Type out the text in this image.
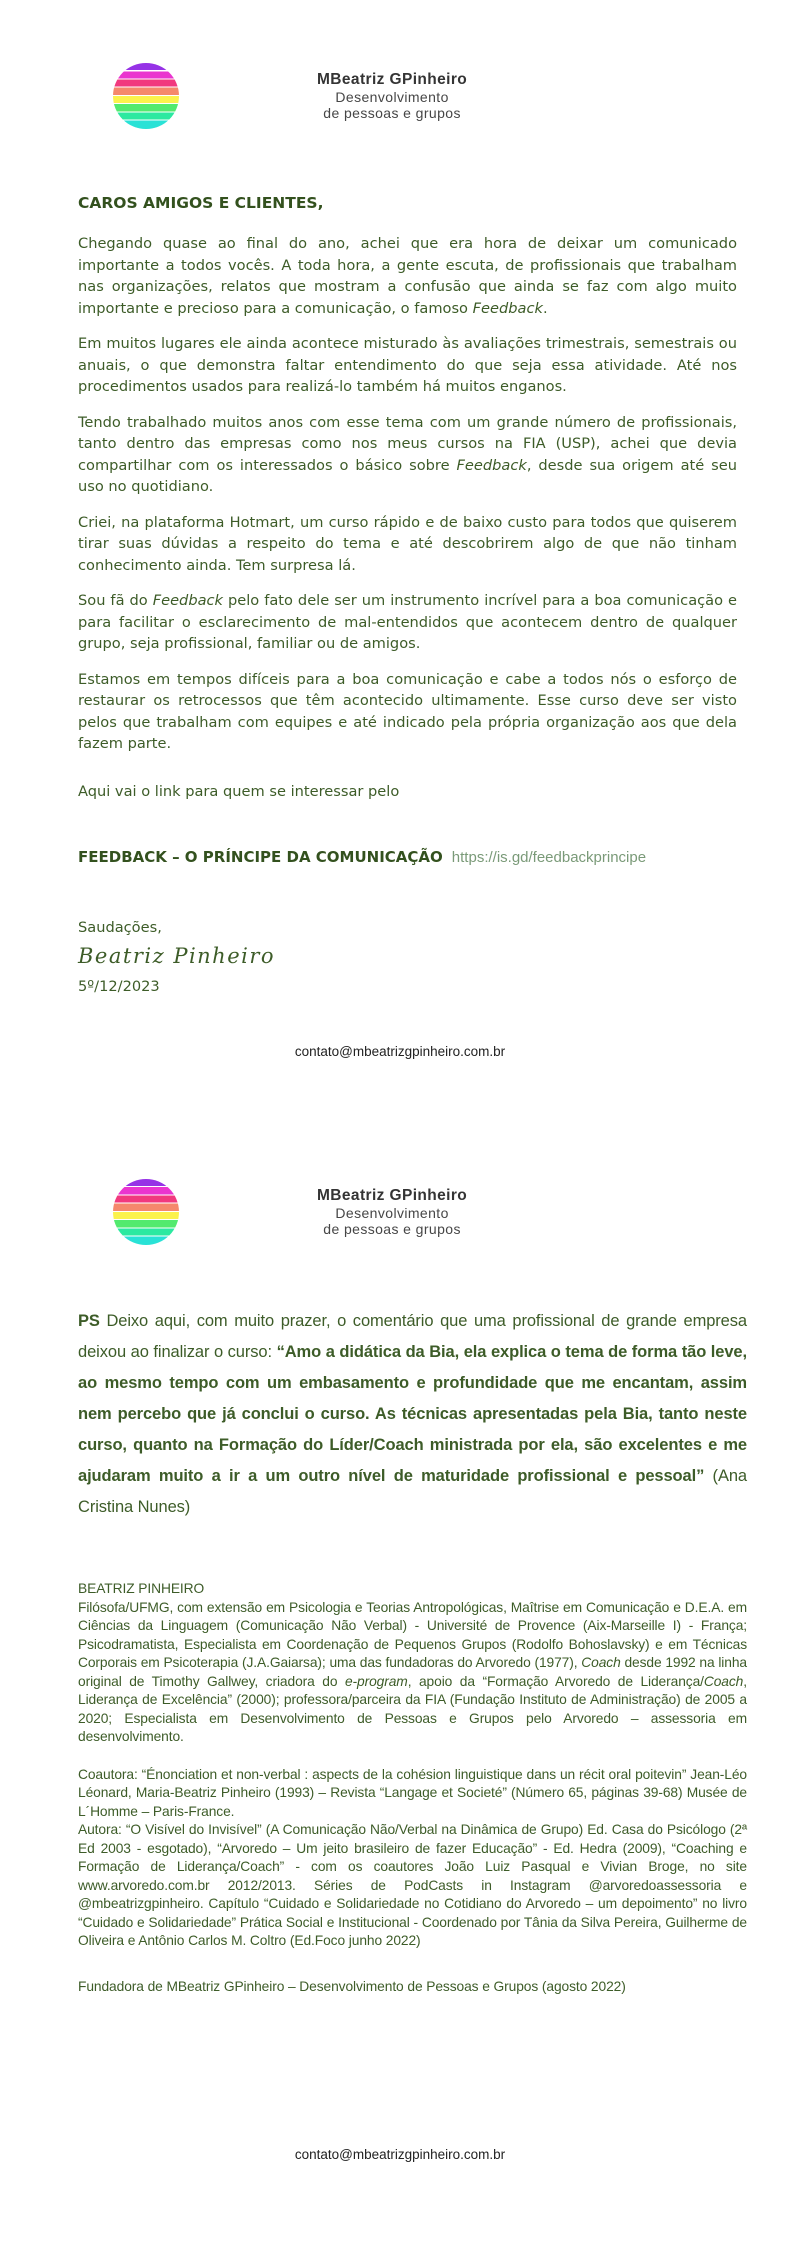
MBeatriz GPinheiro
Desenvolvimento
de pessoas e grupos
CAROS AMIGOS E CLIENTES,

Chegando quase ao final do ano, achei que era hora de deixar um comunicado importante a todos vocês. A toda hora, a gente escuta, de profissionais que trabalham nas organizações, relatos que mostram a confusão que ainda se faz com algo muito importante e precioso para a comunicação, o famoso Feedback.

Em muitos lugares ele ainda acontece misturado às avaliações trimestrais, semestrais ou anuais, o que demonstra faltar entendimento do que seja essa atividade. Até nos procedimentos usados para realizá-lo também há muitos enganos.

Tendo trabalhado muitos anos com esse tema com um grande número de profissionais, tanto dentro das empresas como nos meus cursos na FIA (USP), achei que devia compartilhar com os interessados o básico sobre Feedback, desde sua origem até seu uso no quotidiano.

Criei, na plataforma Hotmart, um curso rápido e de baixo custo para todos que quiserem tirar suas dúvidas a respeito do tema e até descobrirem algo de que não tinham conhecimento ainda. Tem surpresa lá.

Sou fã do Feedback pelo fato dele ser um instrumento incrível para a boa comunicação e para facilitar o esclarecimento de mal-entendidos que acontecem dentro de qualquer grupo, seja profissional, familiar ou de amigos.

Estamos em tempos difíceis para a boa comunicação e cabe a todos nós o esforço de restaurar os retrocessos que têm acontecido ultimamente. Esse curso deve ser visto pelos que trabalham com equipes e até indicado pela própria organização aos que dela fazem parte.

Aqui vai o link para quem se interessar pelo

FEEDBACK – O PRÍNCIPE DA COMUNICAÇÃO https://is.gd/feedbackprincipe

Saudações,

Beatriz Pinheiro
5º/12/2023
contato@mbeatrizgpinheiro.com.br
MBeatriz GPinheiro
Desenvolvimento
de pessoas e grupos

PS Deixo aqui, com muito prazer, o comentário que uma profissional de grande empresa deixou ao finalizar o curso: “Amo a didática da Bia, ela explica o tema de forma tão leve, ao mesmo tempo com um embasamento e profundidade que me encantam, assim nem percebo que já conclui o curso. As técnicas apresentadas pela Bia, tanto neste curso, quanto na Formação do Líder/Coach ministrada por ela, são excelentes e me ajudaram muito a ir a um outro nível de maturidade profissional e pessoal” (Ana Cristina Nunes)

BEATRIZ PINHEIRO

Filósofa/UFMG, com extensão em Psicologia e Teorias Antropológicas, Maîtrise em Comunicação e D.E.A. em Ciências da Linguagem (Comunicação Não Verbal) - Université de Provence (Aix-Marseille I) - França; Psicodramatista, Especialista em Coordenação de Pequenos Grupos (Rodolfo Bohoslavsky) e em Técnicas Corporais em Psicoterapia (J.A.Gaiarsa); uma das fundadoras do Arvoredo (1977), Coach desde 1992 na linha original de Timothy Gallwey, criadora do e-program, apoio da “Formação Arvoredo de Liderança/Coach, Liderança de Excelência” (2000); professora/parceira da FIA (Fundação Instituto de Administração) de 2005 a 2020; Especialista em Desenvolvimento de Pessoas e Grupos pelo Arvoredo – assessoria em desenvolvimento.

Coautora: “Énonciation et non-verbal : aspects de la cohésion linguistique dans un récit oral poitevin” Jean-Léo Léonard, Maria-Beatriz Pinheiro (1993) – Revista “Langage et Societé” (Número 65, páginas 39-68) Musée de L´Homme – Paris-France.
Autora: “O Visível do Invisível” (A Comunicação Não/Verbal na Dinâmica de Grupo) Ed. Casa do Psicólogo (2ª Ed 2003 - esgotado), “Arvoredo – Um jeito brasileiro de fazer Educação” - Ed. Hedra (2009), “Coaching e Formação de Liderança/Coach” - com os coautores João Luiz Pasqual e Vivian Broge, no site www.arvoredo.com.br 2012/2013. Séries de PodCasts in Instagram @arvoredoassessoria e @mbeatrizgpinheiro. Capítulo “Cuidado e Solidariedade no Cotidiano do Arvoredo – um depoimento” no livro “Cuidado e Solidariedade” Prática Social e Institucional - Coordenado por Tânia da Silva Pereira, Guilherme de Oliveira e Antônio Carlos M. Coltro (Ed.Foco junho 2022)

Fundadora de MBeatriz GPinheiro – Desenvolvimento de Pessoas e Grupos (agosto 2022)

contato@mbeatrizgpinheiro.com.br
